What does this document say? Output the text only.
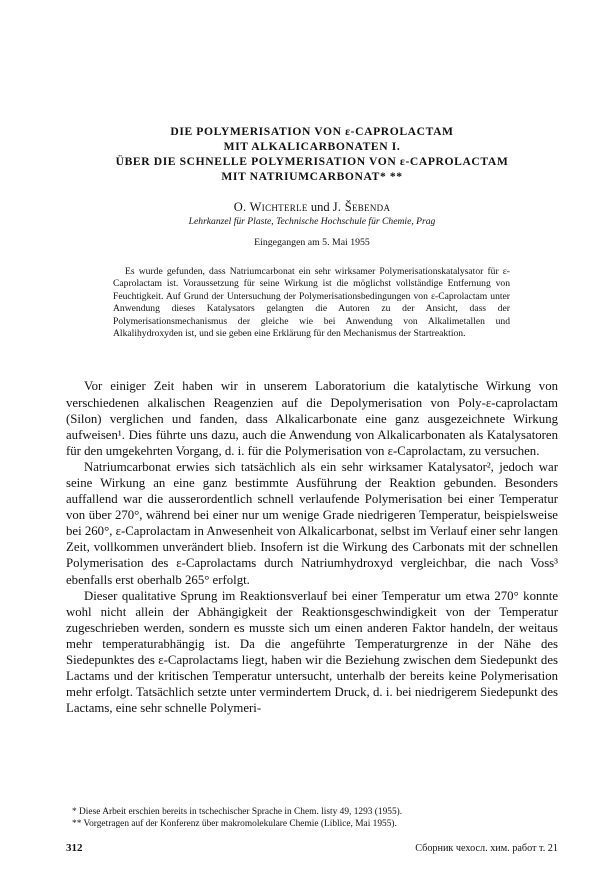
DIE POLYMERISATION VON ε-CAPROLACTAM

MIT ALKALICARBONATEN I.

ÜBER DIE SCHNELLE POLYMERISATION VON ε-CAPROLACTAM

MIT NATRIUMCARBONAT* **

O. Wichterle und J. Šebenda
Lehrkanzel für Plaste, Technische Hochschule für Chemie, Prag
Eingegangen am 5. Mai 1955

Es wurde gefunden, dass Natriumcarbonat ein sehr wirksamer Polymerisationskatalysator für ε-Caprolactam ist. Voraussetzung für seine Wirkung ist die möglichst vollständige Entfernung von Feuchtigkeit. Auf Grund der Untersuchung der Polymerisationsbedingungen von ε-Caprolactam unter Anwendung dieses Katalysators gelangten die Autoren zu der Ansicht, dass der Polymerisationsmechanismus der gleiche wie bei Anwendung von Alkalimetallen und Alkalihydroxyden ist, und sie geben eine Erklärung für den Mechanismus der Startreaktion.

Vor einiger Zeit haben wir in unserem Laboratorium die katalytische Wirkung von verschiedenen alkalischen Reagenzien auf die Depolymerisation von Poly-ε-caprolactam (Silon) verglichen und fanden, dass Alkalicarbonate eine ganz ausgezeichnete Wirkung aufweisen¹. Dies führte uns dazu, auch die Anwendung von Alkalicarbonaten als Katalysatoren für den umgekehrten Vorgang, d. i. für die Polymerisation von ε-Caprolactam, zu versuchen.

Natriumcarbonat erwies sich tatsächlich als ein sehr wirksamer Katalysator², jedoch war seine Wirkung an eine ganz bestimmte Ausführung der Reaktion gebunden. Besonders auffallend war die ausserordentlich schnell verlaufende Polymerisation bei einer Temperatur von über 270°, während bei einer nur um wenige Grade niedrigeren Temperatur, beispielsweise bei 260°, ε-Caprolactam in Anwesenheit von Alkalicarbonat, selbst im Verlauf einer sehr langen Zeit, vollkommen unverändert blieb. Insofern ist die Wirkung des Carbonats mit der schnellen Polymerisation des ε-Caprolactams durch Natriumhydroxyd vergleichbar, die nach Voss³ ebenfalls erst oberhalb 265° erfolgt.

Dieser qualitative Sprung im Reaktionsverlauf bei einer Temperatur um etwa 270° konnte wohl nicht allein der Abhängigkeit der Reaktionsgeschwindigkeit von der Temperatur zugeschrieben werden, sondern es musste sich um einen anderen Faktor handeln, der weitaus mehr temperaturabhängig ist. Da die angeführte Temperaturgrenze in der Nähe des Siedepunktes des ε-Caprolactams liegt, haben wir die Beziehung zwischen dem Siedepunkt des Lactams und der kritischen Temperatur untersucht, unterhalb der bereits keine Polymerisation mehr erfolgt. Tatsächlich setzte unter vermindertem Druck, d. i. bei niedrigerem Siedepunkt des Lactams, eine sehr schnelle Polymeri-

* Diese Arbeit erschien bereits in tschechischer Sprache in Chem. listy 49, 1293 (1955).

** Vorgetragen auf der Konferenz über makromolekulare Chemie (Liblice, Mai 1955).

312	Сборник чехосл. хим. работ т. 21
